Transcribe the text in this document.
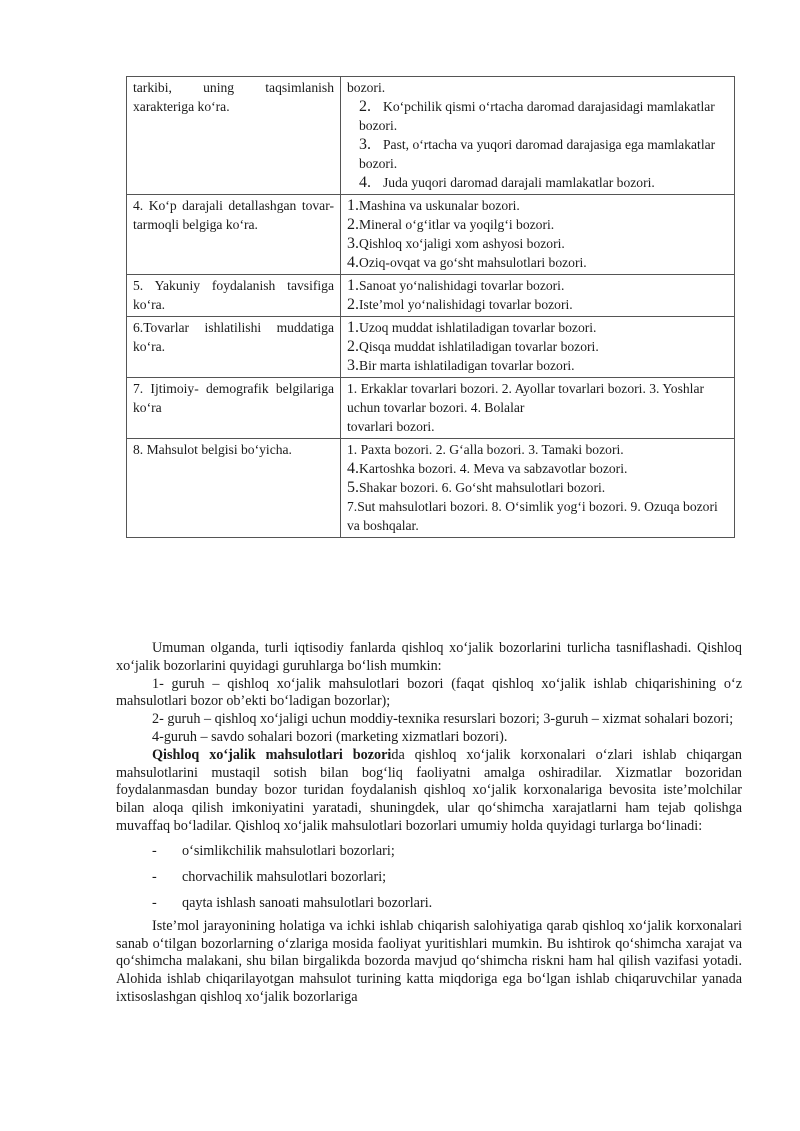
tarkibi, uning taqsimlanish xarakteriga ko‘ra.	bozori.
2. Ko‘pchilik qismi o‘rtacha daromad darajasidagi mamlakatlar bozori.
3. Past, o‘rtacha va yuqori daromad darajasiga ega mamlakatlar bozori.
4. Juda yuqori daromad darajali mamlakatlar bozori.

4. Ko‘p darajali detallashgan tovar- tarmoqli belgiga ko‘ra.	1.Mashina va uskunalar bozori.
2.Mineral o‘g‘itlar va yoqilg‘i bozori.
3.Qishloq xo‘jaligi xom ashyosi bozori.
4.Oziq-ovqat va go‘sht mahsulotlari bozori.

5. Yakuniy foydalanish tavsifiga ko‘ra.	1.Sanoat yo‘nalishidagi tovarlar bozori.
2.Iste’mol yo‘nalishidagi tovarlar bozori.

6.Tovarlar ishlatilishi muddatiga ko‘ra.	1.Uzoq muddat ishlatiladigan tovarlar bozori.
2.Qisqa muddat ishlatiladigan tovarlar bozori.
3.Bir marta ishlatiladigan tovarlar bozori.

7. Ijtimoiy- demografik belgilariga ko‘ra	1. Erkaklar tovarlari bozori. 2. Ayollar tovarlari bozori. 3. Yoshlar uchun tovarlar bozori. 4. Bolalar
tovarlari bozori.

8. Mahsulot belgisi bo‘yicha.	1. Paxta bozori. 2. G‘alla bozori. 3. Tamaki bozori.
4.Kartoshka bozori. 4. Meva va sabzavotlar bozori.
5.Shakar bozori. 6. Go‘sht mahsulotlari bozori.
7.Sut mahsulotlari bozori. 8. O‘simlik yog‘i bozori. 9. Ozuqa bozori va boshqalar.

Umuman olganda, turli iqtisodiy fanlarda qishloq xo‘jalik bozorlarini turlicha tasniflashadi. Qishloq xo‘jalik bozorlarini quyidagi guruhlarga bo‘lish mumkin:

1- guruh – qishloq xo‘jalik mahsulotlari bozori (faqat qishloq xo‘jalik ishlab chiqarishining o‘z mahsulotlari bozor ob’ekti bo‘ladigan bozorlar);

2- guruh – qishloq xo‘jaligi uchun moddiy-texnika resurslari bozori; 3-guruh – xizmat sohalari bozori;

4-guruh – savdo sohalari bozori (marketing xizmatlari bozori).

Qishloq xo‘jalik mahsulotlari bozorida qishloq xo‘jalik korxonalari o‘zlari ishlab chiqargan mahsulotlarini mustaqil sotish bilan bog‘liq faoliyatni amalga oshiradilar. Xizmatlar bozoridan foydalanmasdan bunday bozor turidan foydalanish qishloq xo‘jalik korxonalariga bevosita iste’molchilar bilan aloqa qilish imkoniyatini yaratadi, shuningdek, ular qo‘shimcha xarajatlarni ham tejab qolishga muvaffaq bo‘ladilar. Qishloq xo‘jalik mahsulotlari bozorlari umumiy holda quyidagi turlarga bo‘linadi:

- o‘simlikchilik mahsulotlari bozorlari;
- chorvachilik mahsulotlari bozorlari;
- qayta ishlash sanoati mahsulotlari bozorlari.

Iste’mol jarayonining holatiga va ichki ishlab chiqarish salohiyatiga qarab qishloq xo‘jalik korxonalari sanab o‘tilgan bozorlarning o‘zlariga mosida faoliyat yuritishlari mumkin. Bu ishtirok qo‘shimcha xarajat va qo‘shimcha malakani, shu bilan birgalikda bozorda mavjud qo‘shimcha riskni ham hal qilish vazifasi yotadi. Alohida ishlab chiqarilayotgan mahsulot turining katta miqdoriga ega bo‘lgan ishlab chiqaruvchilar yanada ixtisoslashgan qishloq xo‘jalik bozorlariga
